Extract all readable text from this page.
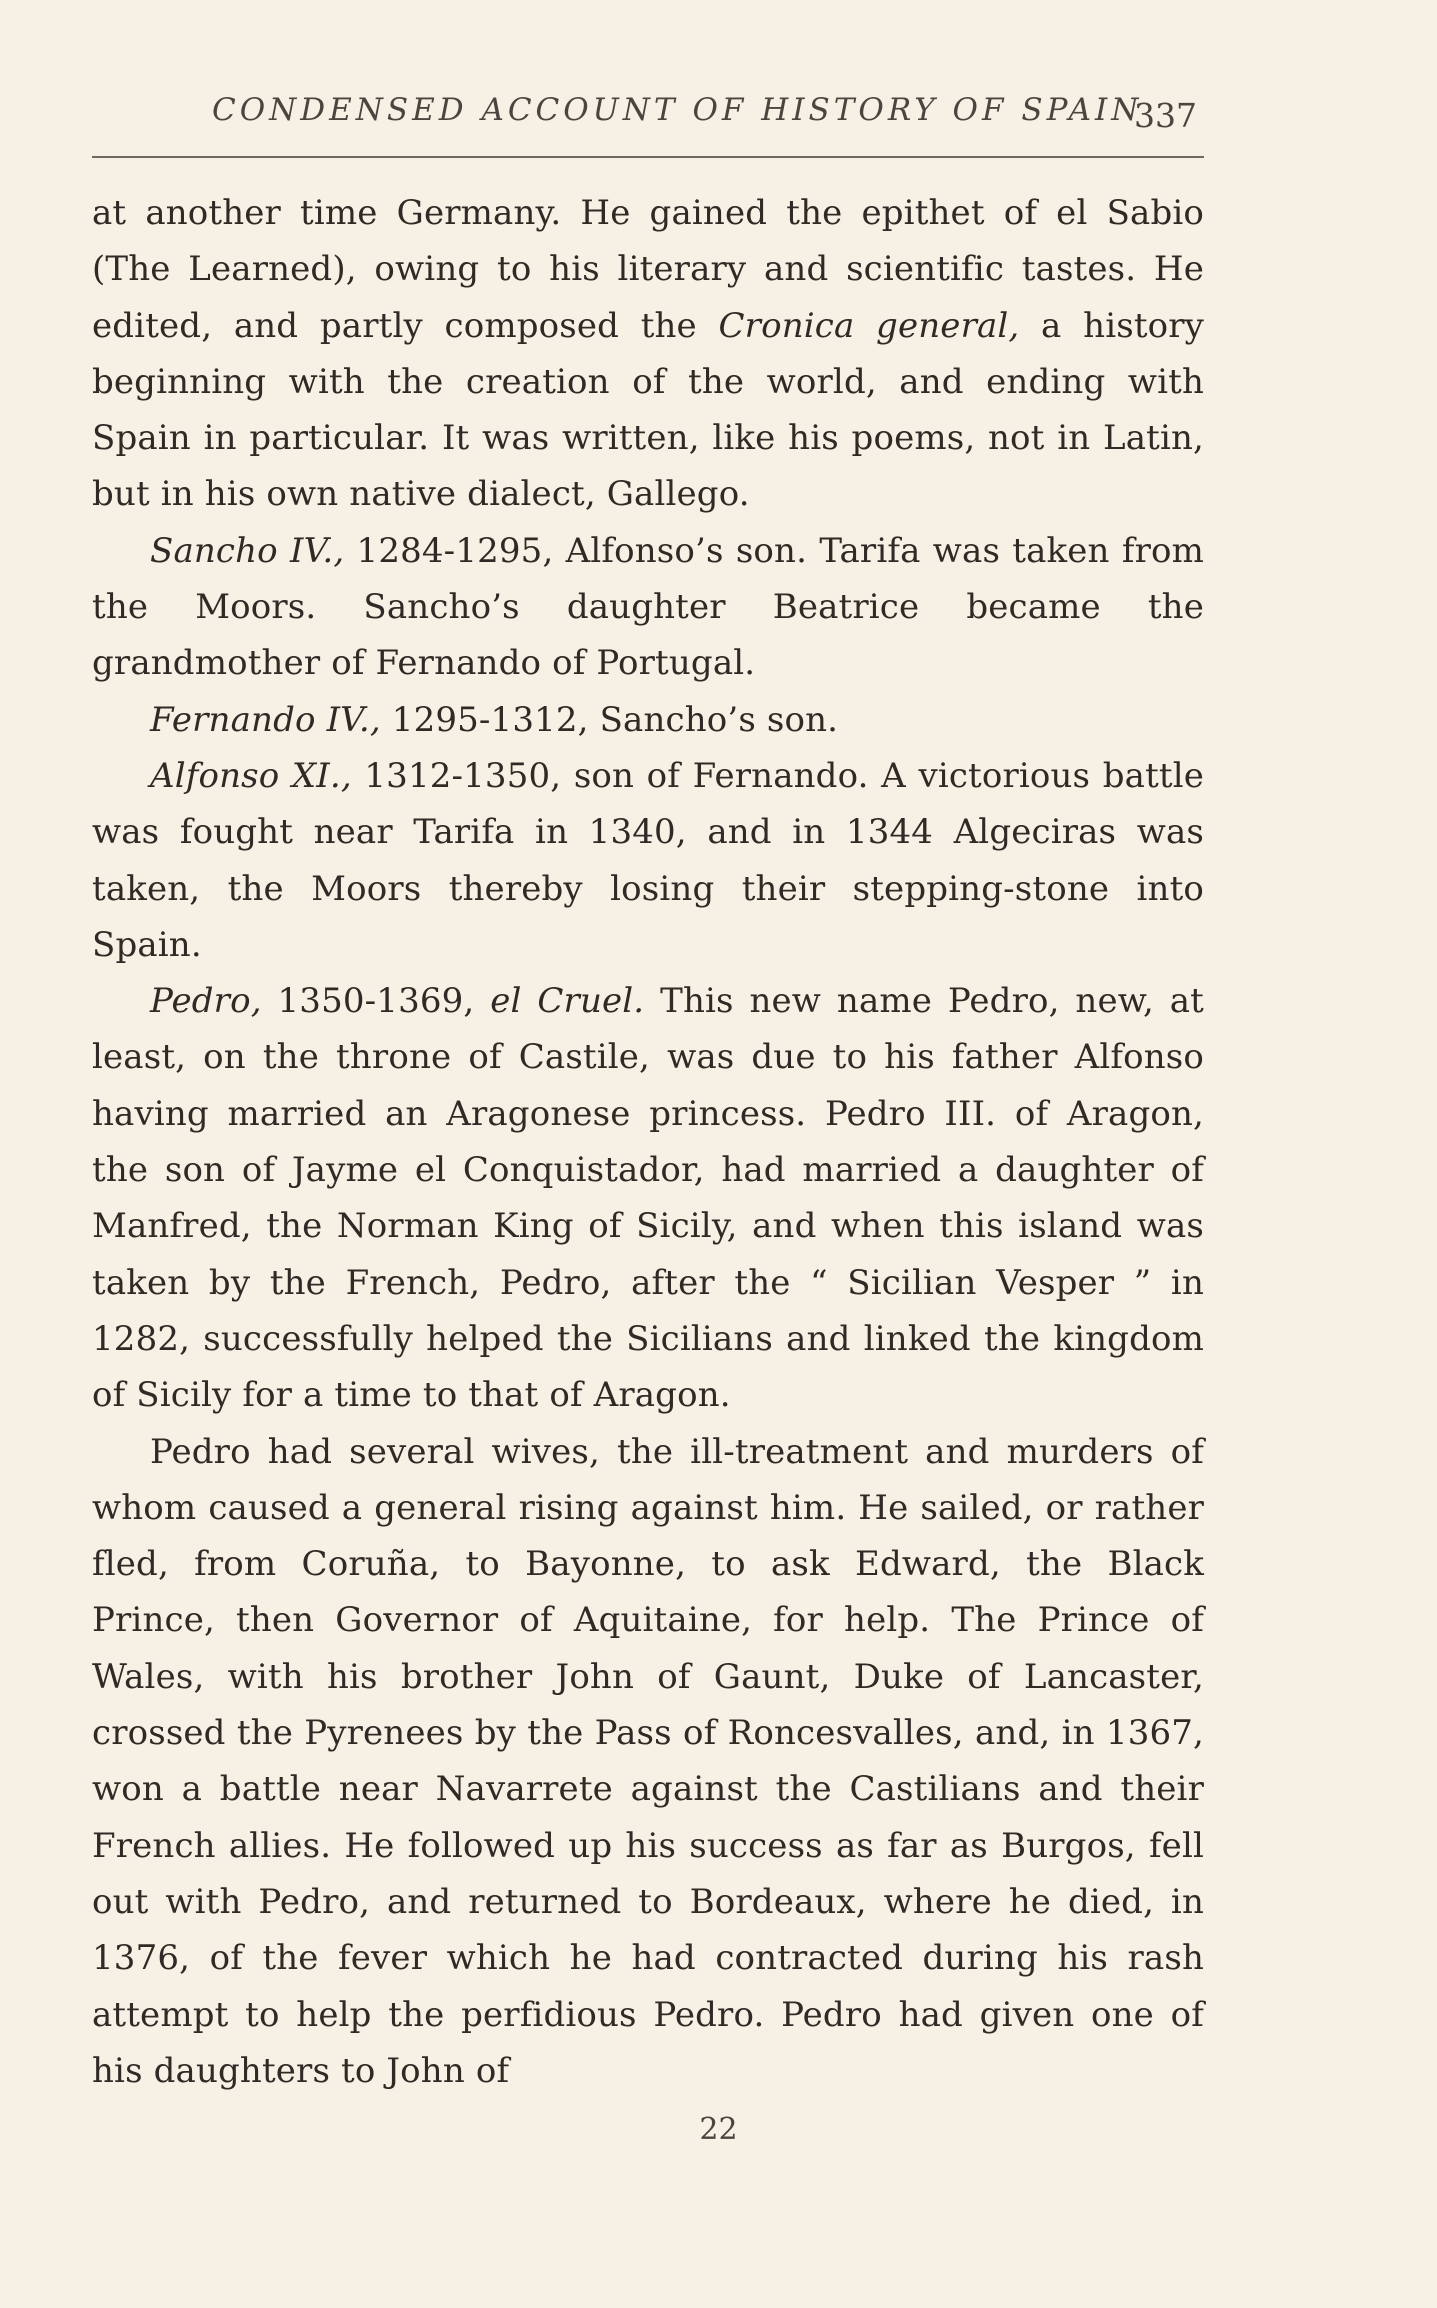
CONDENSED ACCOUNT OF HISTORY OF SPAIN
337

at another time Germany. He gained the epithet of el Sabio (The Learned), owing to his literary and scientific tastes. He edited, and partly composed the Cronica general, a history beginning with the creation of the world, and ending with Spain in particular. It was written, like his poems, not in Latin, but in his own native dialect, Gallego.

Sancho IV., 1284-1295, Alfonso’s son. Tarifa was taken from the Moors. Sancho’s daughter Beatrice became the grandmother of Fernando of Portugal.

Fernando IV., 1295-1312, Sancho’s son.

Alfonso XI., 1312-1350, son of Fernando. A victorious battle was fought near Tarifa in 1340, and in 1344 Algeciras was taken, the Moors thereby losing their stepping-stone into Spain.

Pedro, 1350-1369, el Cruel. This new name Pedro, new, at least, on the throne of Castile, was due to his father Alfonso having married an Aragonese princess. Pedro III. of Aragon, the son of Jayme el Conquistador, had married a daughter of Manfred, the Norman King of Sicily, and when this island was taken by the French, Pedro, after the “ Sicilian Vesper ” in 1282, successfully helped the Sicilians and linked the kingdom of Sicily for a time to that of Aragon.

Pedro had several wives, the ill-treatment and murders of whom caused a general rising against him. He sailed, or rather fled, from Coruña, to Bayonne, to ask Edward, the Black Prince, then Governor of Aquitaine, for help. The Prince of Wales, with his brother John of Gaunt, Duke of Lancaster, crossed the Pyrenees by the Pass of Roncesvalles, and, in 1367, won a battle near Navarrete against the Castilians and their French allies. He followed up his success as far as Burgos, fell out with Pedro, and returned to Bordeaux, where he died, in 1376, of the fever which he had contracted during his rash attempt to help the perfidious Pedro. Pedro had given one of his daughters to John of

22
